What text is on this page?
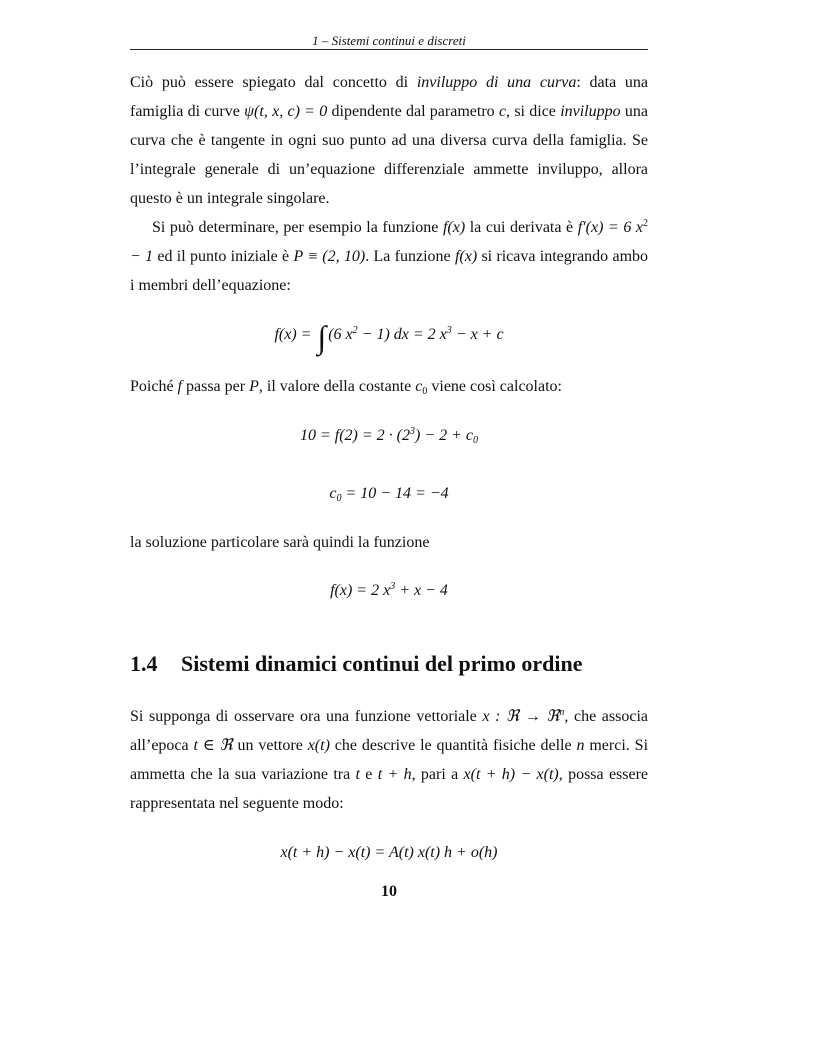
1 – Sistemi continui e discreti

Ciò può essere spiegato dal concetto di inviluppo di una curva: data una famiglia di curve ψ(t, x, c) = 0 dipendente dal parametro c, si dice inviluppo una curva che è tangente in ogni suo punto ad una diversa curva della famiglia. Se l’integrale generale di un’equazione differenziale ammette inviluppo, allora questo è un integrale singolare.

Si può determinare, per esempio la funzione f(x) la cui derivata è f′(x) = 6 $x^2 - 1$ ed il punto iniziale è P ≡ (2, 10). La funzione f(x) si ricava integrando ambo i membri dell’equazione:

f(x) = ∫ (6 $x^2 - 1$) dx = 2 $x^3 - x + c$

Poiché f passa per P, il valore della costante $c_0$ viene così calcolato:

$10 = f(2) = 2 \cdot (2^3) - 2 + c_0$
$c_0 = 10 - 14 = -4$

la soluzione particolare sarà quindi la funzione

f(x) = 2 $x^3 + x - 4$
1.4 Sistemi dinamici continui del primo ordine

Si supponga di osservare ora una funzione vettoriale x : ℜ → ℜ$^n$, che associa all’epoca t ∈ ℜ un vettore x(t) che descrive le quantità fisiche delle n merci. Si ammetta che la sua variazione tra t e t + h, pari a x(t + h) − x(t), possa essere rappresentata nel seguente modo:

x(t + h) − x(t) = A(t) x(t) h + o(h)
10
